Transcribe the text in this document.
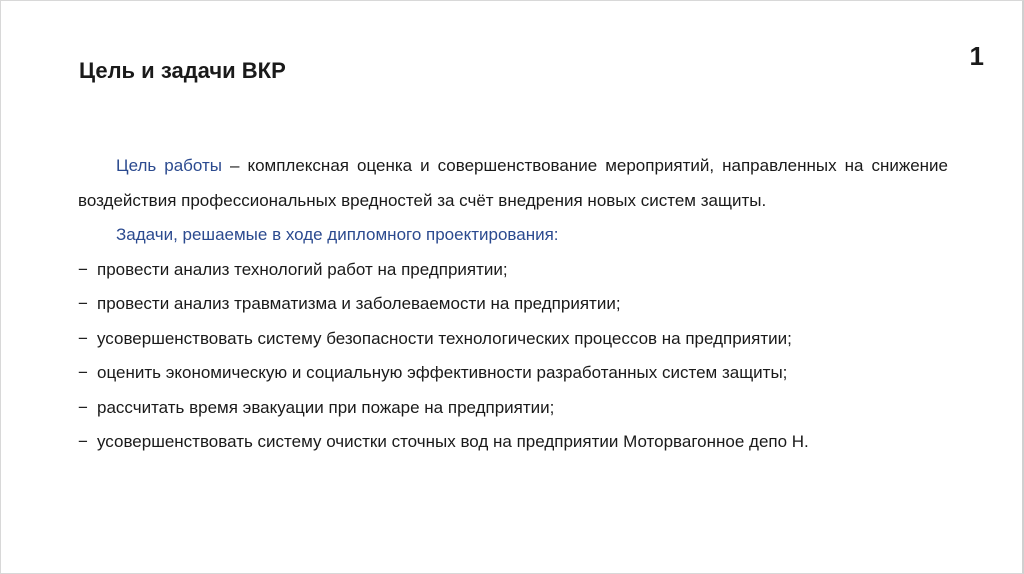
1
Цель и задачи ВКР

Цель работы – комплексная оценка и совершенствование мероприятий, направленных на снижение воздействия профессиональных вредностей за счёт внедрения новых систем защиты.

Задачи, решаемые в ходе дипломного проектирования:

− провести анализ технологий работ на предприятии;
− провести анализ травматизма и заболеваемости на предприятии;
− усовершенствовать систему безопасности технологических процессов на предприятии;
− оценить экономическую и социальную эффективности разработанных систем защиты;
− рассчитать время эвакуации при пожаре на предприятии;
− усовершенствовать систему очистки сточных вод на предприятии Моторвагонное депо Н.
